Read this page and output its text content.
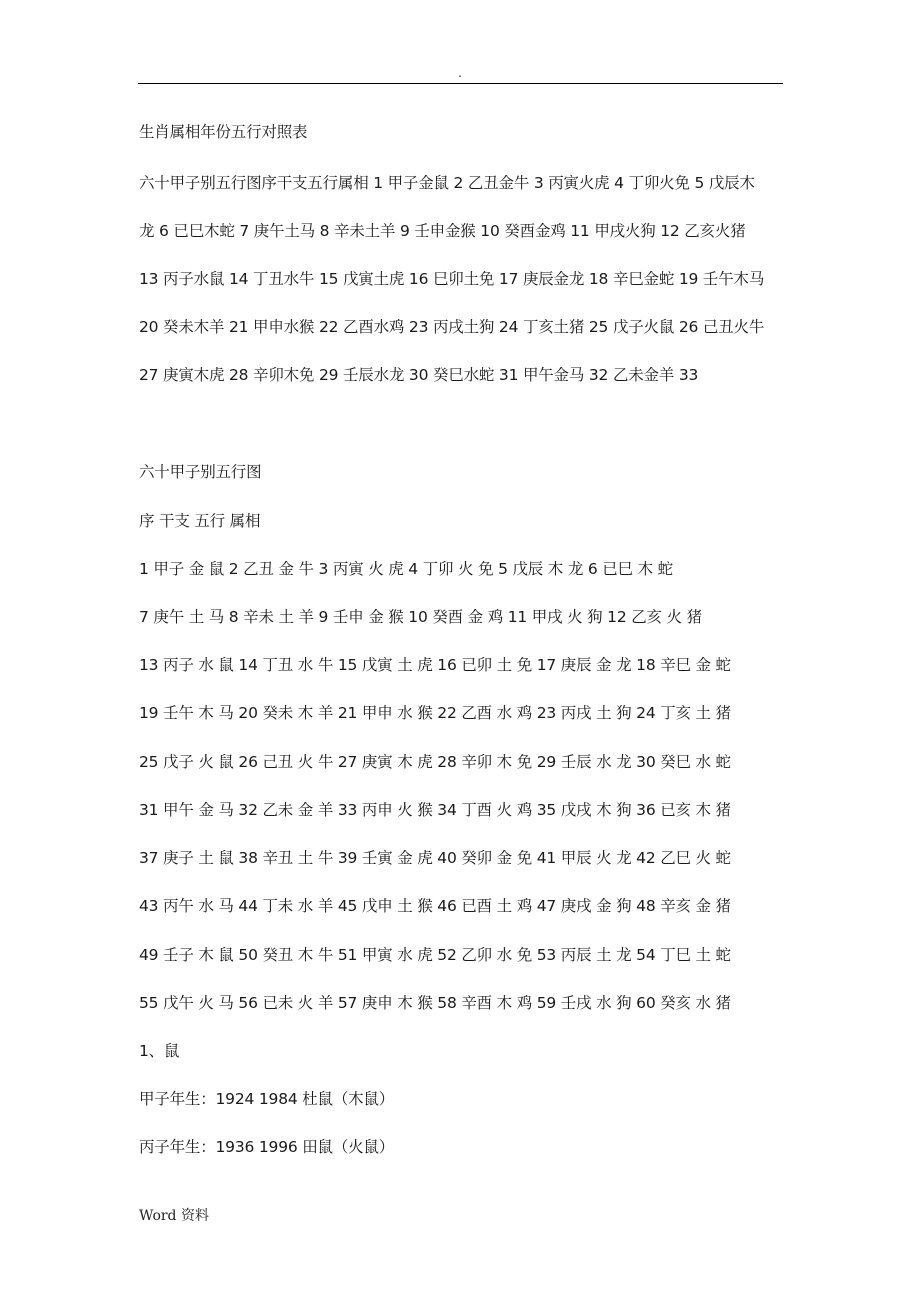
.
生肖属相年份五行对照表
六十甲子别五行图序干支五行属相 1 甲子金鼠 2 乙丑金牛 3 丙寅火虎 4 丁卯火免 5 戊辰木
龙 6 已巳木蛇 7 庚午土马 8 辛未土羊 9 壬申金猴 10 癸酉金鸡 11 甲戌火狗 12 乙亥火猪
13 丙子水鼠 14 丁丑水牛 15 戊寅土虎 16 巳卯土免 17 庚辰金龙 18 辛巳金蛇 19 壬午木马
20 癸未木羊 21 甲申水猴 22 乙酉水鸡 23 丙戌土狗 24 丁亥土猪 25 戊子火鼠 26 己丑火牛
27 庚寅木虎 28 辛卯木免 29 壬辰水龙 30 癸巳水蛇 31 甲午金马 32 乙未金羊 33
六十甲子别五行图
序 干支 五行 属相
1 甲子 金 鼠 2 乙丑 金 牛 3 丙寅 火 虎 4 丁卯 火 免 5 戊辰 木 龙 6 已巳 木 蛇
7 庚午 土 马 8 辛未 土 羊 9 壬申 金 猴 10 癸酉 金 鸡 11 甲戌 火 狗 12 乙亥 火 猪
13 丙子 水 鼠 14 丁丑 水 牛 15 戊寅 土 虎 16 已卯 土 免 17 庚辰 金 龙 18 辛巳 金 蛇
19 壬午 木 马 20 癸未 木 羊 21 甲申 水 猴 22 乙酉 水 鸡 23 丙戌 土 狗 24 丁亥 土 猪
25 戊子 火 鼠 26 己丑 火 牛 27 庚寅 木 虎 28 辛卯 木 免 29 壬辰 水 龙 30 癸巳 水 蛇
31 甲午 金 马 32 乙未 金 羊 33 丙申 火 猴 34 丁酉 火 鸡 35 戊戌 木 狗 36 已亥 木 猪
37 庚子 土 鼠 38 辛丑 土 牛 39 壬寅 金 虎 40 癸卯 金 免 41 甲辰 火 龙 42 乙巳 火 蛇
43 丙午 水 马 44 丁未 水 羊 45 戊申 土 猴 46 已酉 土 鸡 47 庚戌 金 狗 48 辛亥 金 猪
49 壬子 木 鼠 50 癸丑 木 牛 51 甲寅 水 虎 52 乙卯 水 免 53 丙辰 土 龙 54 丁巳 土 蛇
55 戊午 火 马 56 已未 火 羊 57 庚申 木 猴 58 辛酉 木 鸡 59 壬戌 水 狗 60 癸亥 水 猪
1、鼠
甲子年生：1924 1984 杜鼠（木鼠）
丙子年生：1936 1996 田鼠（火鼠）
Word 资料
